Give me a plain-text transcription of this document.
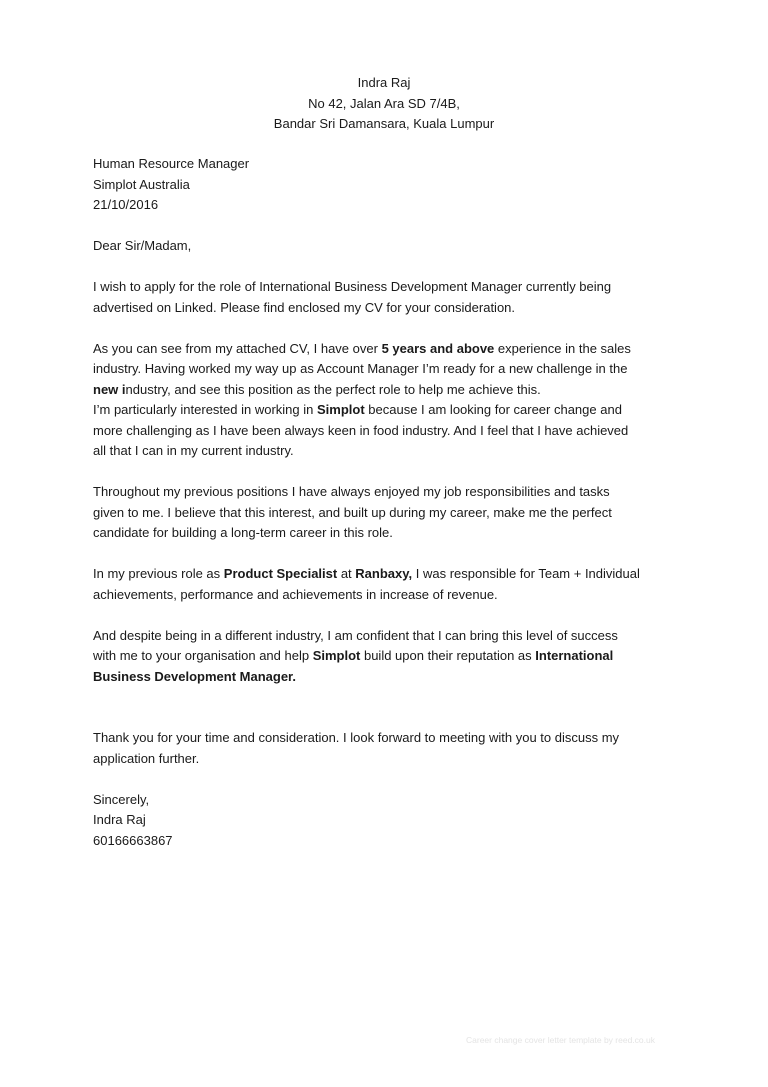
Indra Raj
No 42, Jalan Ara SD 7/4B,
Bandar Sri Damansara, Kuala Lumpur
Human Resource Manager
Simplot Australia
21/10/2016
Dear Sir/Madam,
I wish to apply for the role of International Business Development Manager currently being
advertised on Linked. Please find enclosed my CV for your consideration.
As you can see from my attached CV, I have over 5 years and above experience in the sales
industry. Having worked my way up as Account Manager I’m ready for a new challenge in the
new industry, and see this position as the perfect role to help me achieve this.
I’m particularly interested in working in Simplot because I am looking for career change and
more challenging as I have been always keen in food industry. And I feel that I have achieved
all that I can in my current industry.
Throughout my previous positions I have always enjoyed my job responsibilities and tasks
given to me. I believe that this interest, and built up during my career, make me the perfect
candidate for building a long-term career in this role.
In my previous role as Product Specialist at Ranbaxy, I was responsible for Team + Individual
achievements, performance and achievements in increase of revenue.
And despite being in a different industry, I am confident that I can bring this level of success
with me to your organisation and help Simplot build upon their reputation as International
Business Development Manager.
Thank you for your time and consideration. I look forward to meeting with you to discuss my
application further.
Sincerely,
Indra Raj
60166663867
Career change cover letter template by reed.co.uk
